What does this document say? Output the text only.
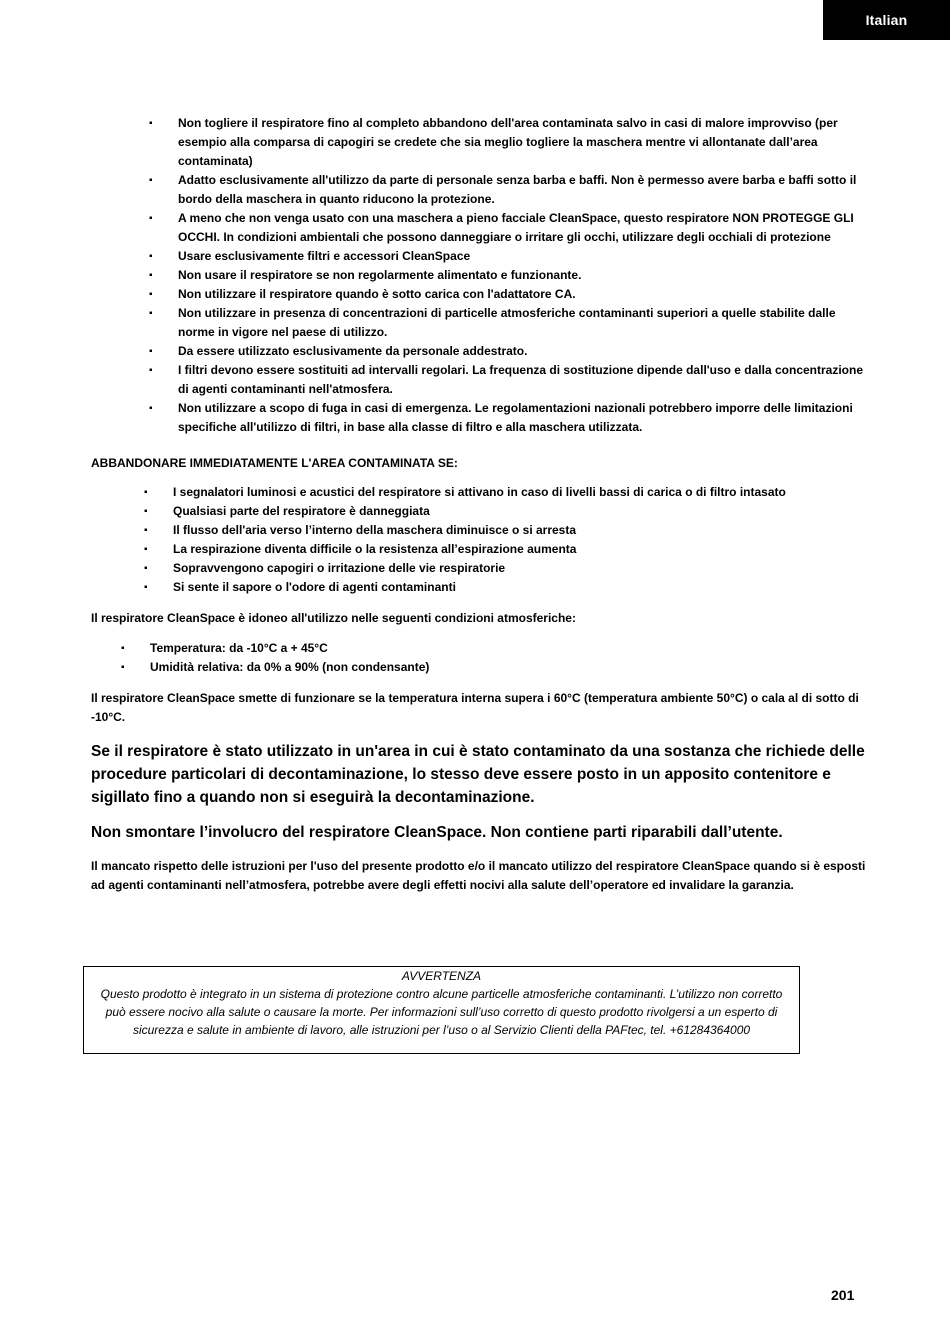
Italian
▪ Non togliere il respiratore fino al completo abbandono dell'area contaminata salvo in casi di malore improvviso (per esempio alla comparsa di capogiri se credete che sia meglio togliere la maschera mentre vi allontanate dall’area contaminata)
▪ Adatto esclusivamente all'utilizzo da parte di personale senza barba e baffi. Non è permesso avere barba e baffi sotto il bordo della maschera in quanto riducono la protezione.
▪ A meno che non venga usato con una maschera a pieno facciale CleanSpace, questo respiratore NON PROTEGGE GLI OCCHI. In condizioni ambientali che possono danneggiare o irritare gli occhi, utilizzare degli occhiali di protezione
▪ Usare esclusivamente filtri e accessori CleanSpace
▪ Non usare il respiratore se non regolarmente alimentato e funzionante.
▪ Non utilizzare il respiratore quando è sotto carica con l'adattatore CA.
▪ Non utilizzare in presenza di concentrazioni di particelle atmosferiche contaminanti superiori a quelle stabilite dalle norme in vigore nel paese di utilizzo.
▪ Da essere utilizzato esclusivamente da personale addestrato.
▪ I filtri devono essere sostituiti ad intervalli regolari. La frequenza di sostituzione dipende dall'uso e dalla concentrazione di agenti contaminanti nell'atmosfera.
▪ Non utilizzare a scopo di fuga in casi di emergenza. Le regolamentazioni nazionali potrebbero imporre delle limitazioni specifiche all'utilizzo di filtri, in base alla classe di filtro e alla maschera utilizzata.
ABBANDONARE IMMEDIATAMENTE L'AREA CONTAMINATA SE:
▪ I segnalatori luminosi e acustici del respiratore si attivano in caso di livelli bassi di carica o di filtro intasato
▪ Qualsiasi parte del respiratore è danneggiata
▪ Il flusso dell'aria verso l’interno della maschera diminuisce o si arresta
▪ La respirazione diventa difficile o la resistenza all’espirazione aumenta
▪ Sopravvengono capogiri o irritazione delle vie respiratorie
▪ Si sente il sapore o l'odore di agenti contaminanti

Il respiratore CleanSpace è idoneo all'utilizzo nelle seguenti condizioni atmosferiche:

▪ Temperatura: da -10°C a + 45°C
▪ Umidità relativa: da 0% a 90% (non condensante)

Il respiratore CleanSpace smette di funzionare se la temperatura interna supera i 60°C (temperatura ambiente 50°C) o cala al di sotto di -10°C.

Se il respiratore è stato utilizzato in un'area in cui è stato contaminato da una sostanza che richiede delle procedure particolari di decontaminazione, lo stesso deve essere posto in un apposito contenitore e sigillato fino a quando non si eseguirà la decontaminazione.

Non smontare l’involucro del respiratore CleanSpace. Non contiene parti riparabili dall’utente.

Il mancato rispetto delle istruzioni per l'uso del presente prodotto e/o il mancato utilizzo del respiratore CleanSpace quando si è esposti ad agenti contaminanti nell’atmosfera, potrebbe avere degli effetti nocivi alla salute dell’operatore ed invalidare la garanzia.

AVVERTENZA
Questo prodotto è integrato in un sistema di protezione contro alcune particelle atmosferiche contaminanti. L’utilizzo non corretto può essere nocivo alla salute o causare la morte. Per informazioni sull’uso corretto di questo prodotto rivolgersi a un esperto di sicurezza e salute in ambiente di lavoro, alle istruzioni per l’uso o al Servizio Clienti della PAFtec, tel. +61284364000
201
